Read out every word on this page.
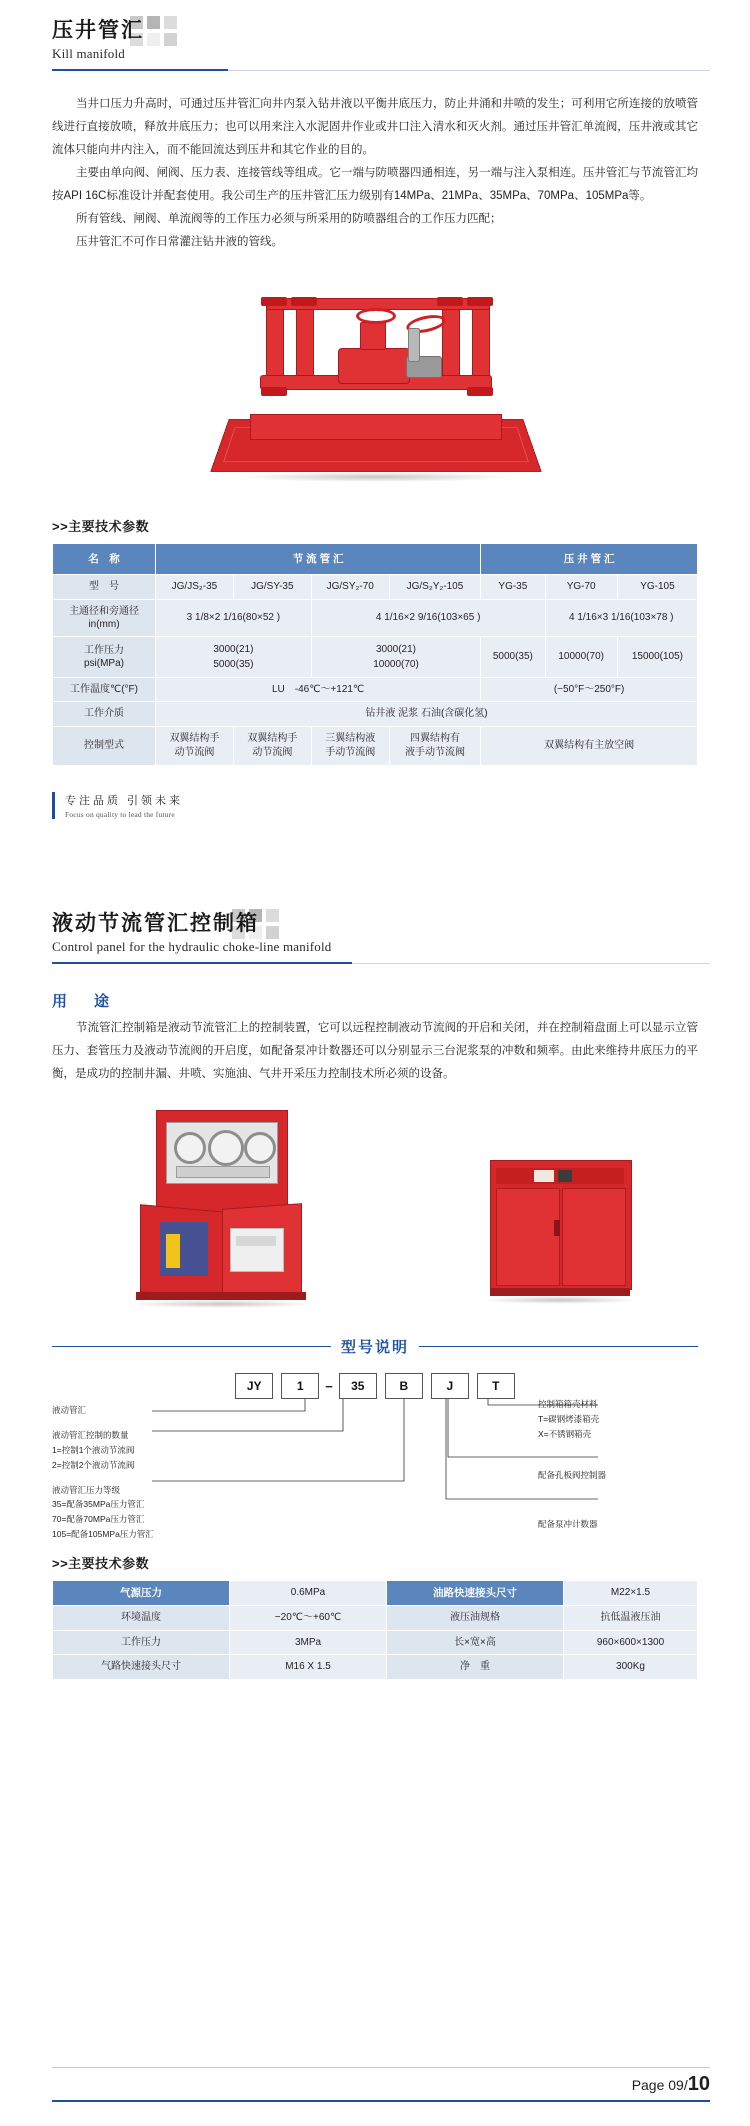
压井管汇
Kill manifold

当井口压力升高时，可通过压井管汇向井内泵入钻井液以平衡井底压力，防止井涌和井喷的发生；可利用它所连接的放喷管线进行直接放喷，释放井底压力；也可以用来注入水泥固井作业或井口注入清水和灭火剂。通过压井管汇单流阀，压井液或其它流体只能向井内注入，而不能回流达到压井和其它作业的目的。

主要由单向阀、闸阀、压力表、连接管线等组成。它一端与防喷器四通相连，另一端与注入泵相连。压井管汇与节流管汇均按API 16C标准设计并配套使用。我公司生产的压井管汇压力级别有14MPa、21MPa、35MPa、70MPa、105MPa等。

所有管线、闸阀、单流阀等的工作压力必须与所采用的防喷器组合的工作压力匹配；

压井管汇不可作日常灌注钻井液的管线。

>>主要技术参数
名　称	节 流 管 汇				压 井 管 汇		
型　号	JG/JS₂-35	JG/SY-35	JG/SY₂-70	JG/S₂Y₂-105	YG-35	YG-70	YG-105
主通径和旁通径
in(mm)	3 1/8×2 1/16(80×52 )		4 1/16×2 9/16(103×65 )			4 1/16×3 1/16(103×78 )	
工作压力
psi(MPa)	3000(21)
5000(35)		3000(21)
10000(70)		5000(35)	10000(70)	15000(105)
工作温度℃(°F)	LU　-46℃～+121℃				(−50°F～250°F)		
工作介质	钻井液 泥浆 石油(含碳化氢)						
控制型式	双翼结构手
动节流阀	双翼结构手
动节流阀	三翼结构液
手动节流阀	四翼结构有
液手动节流阀	双翼结构有主放空阀		
专注品质 引领未来
Focus on quality to lead the future
液动节流管汇控制箱
Control panel for the hydraulic choke-line manifold
用　途

节流管汇控制箱是液动节流管汇上的控制装置，它可以远程控制液动节流阀的开启和关闭，并在控制箱盘面上可以显示立管压力、套管压力及液动节流阀的开启度，如配备泵冲计数器还可以分别显示三台泥浆泵的冲数和频率。由此来维持井底压力的平衡，是成功的控制井漏、井喷、实施油、气井开采压力控制技术所必须的设备。

型号说明
JY	1	−	35	B	J	T
液动管汇
液动管汇控制的数量
1=控制1个液动节流阀
2=控制2个液动节流阀
液动管汇压力等级
35=配备35MPa压力管汇
70=配备70MPa压力管汇
105=配备105MPa压力管汇
控制箱箱壳材料
T=碳钢烤漆箱壳
X=不锈钢箱壳
配备孔板阀控制器
配备泵冲计数器
>>主要技术参数
气源压力	0.6MPa	油路快速接头尺寸	M22×1.5
环境温度	−20℃～+60℃	液压油规格	抗低温液压油
工作压力	3MPa	长×宽×高	960×600×1300
气路快速接头尺寸	M16 X 1.5	净　重	300Kg
Page 09/10
